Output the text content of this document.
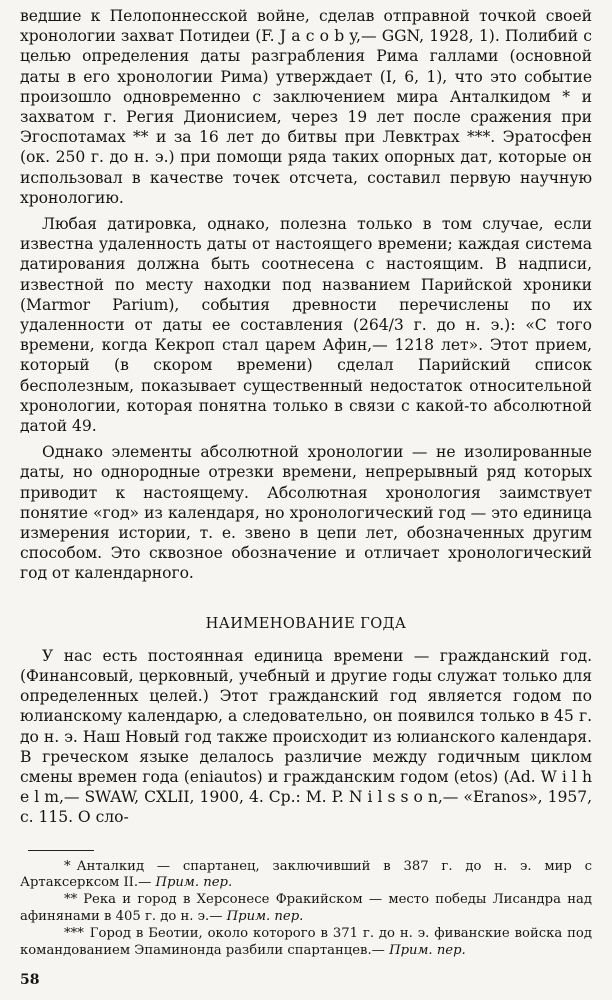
ведшие к Пелопоннесской войне, сделав отправной точкой своей хронологии захват Потидеи (F. J a c o b y,— GGN, 1928, 1). Полибий с целью определения даты разграбления Рима галлами (основной даты в его хронологии Рима) утверждает (I, 6, 1), что это событие произошло одновременно с заключением мира Анталкидом * и захватом г. Регия Дионисием, через 19 лет после сражения при Эгоспотамах ** и за 16 лет до битвы при Левктрах ***. Эратосфен (ок. 250 г. до н. э.) при помощи ряда таких опорных дат, которые он использовал в качестве точек отсчета, составил первую научную хронологию.

Любая датировка, однако, полезна только в том случае, если известна удаленность даты от настоящего времени; каждая система датирования должна быть соотнесена с настоящим. В надписи, известной по месту находки под названием Парийской хроники (Marmor Parium), события древности перечислены по их удаленности от даты ее составления (264/3 г. до н. э.): «С того времени, когда Кекроп стал царем Афин,— 1218 лет». Этот прием, который (в скором времени) сделал Парийский список бесполезным, показывает существенный недостаток относительной хронологии, которая понятна только в связи с какой-то абсолютной датой 49.

Однако элементы абсолютной хронологии — не изолированные даты, но однородные отрезки времени, непрерывный ряд которых приводит к настоящему. Абсолютная хронология заимствует понятие «год» из календаря, но хронологический год — это единица измерения истории, т. е. звено в цепи лет, обозначенных другим способом. Это сквозное обозначение и отличает хронологический год от календарного.

НАИМЕНОВАНИЕ ГОДА

У нас есть постоянная единица времени — гражданский год. (Финансовый, церковный, учебный и другие годы служат только для определенных целей.) Этот гражданский год является годом по юлианскому календарю, а следовательно, он появился только в 45 г. до н. э. Наш Новый год также происходит из юлианского календаря. В греческом языке делалось различие между годичным циклом смены времен года (eniautos) и гражданским годом (etos) (Ad. W i l h e l m,— SWAW, CXLII, 1900, 4. Ср.: M. P. N i l s s o n,— «Eranos», 1957, с. 115. О сло-

* Анталкид — спартанец, заключивший в 387 г. до н. э. мир с Артаксерксом II.— Прим. пер.

** Река и город в Херсонесе Фракийском — место победы Лисандра над афинянами в 405 г. до н. э.— Прим. пер.

*** Город в Беотии, около которого в 371 г. до н. э. фиванские войска под командованием Эпаминонда разбили спартанцев.— Прим. пер.

58
